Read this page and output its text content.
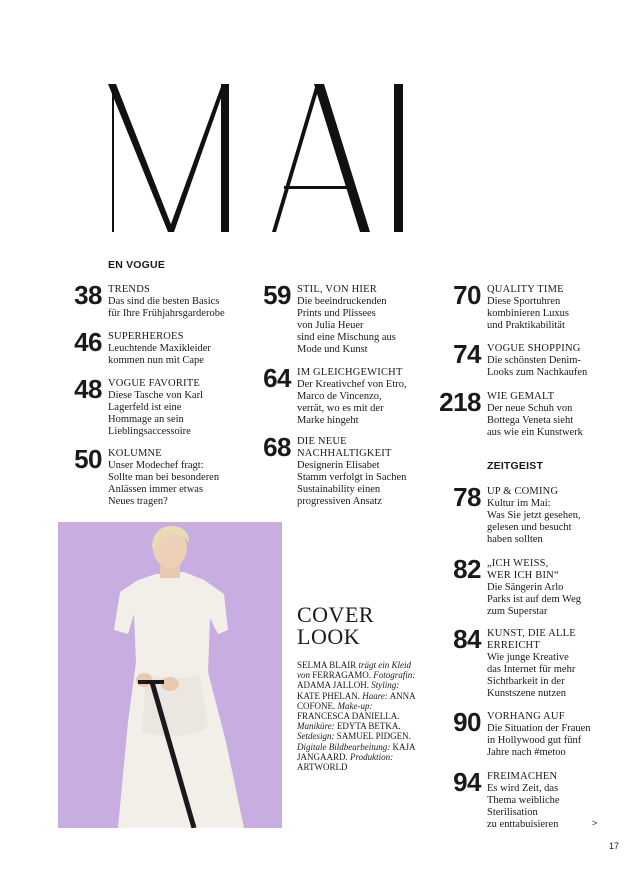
EN VOGUE
ZEITGEIST
38 TRENDS
Das sind die besten Basics
für Ihre Frühjahrsgarderobe
46 SUPERHEROES
Leuchtende Maxikleider
kommen nun mit Cape
48 VOGUE FAVORITE
Diese Tasche von Karl
Lagerfeld ist eine
Hommage an sein
Lieblingsaccessoire
50 KOLUMNE
Unser Modechef fragt:
Sollte man bei besonderen
Anlässen immer etwas
Neues tragen?
59 STIL, VON HIER
Die beeindruckenden
Prints und Plissees
von Julia Heuer
sind eine Mischung aus
Mode und Kunst
64 IM GLEICHGEWICHT
Der Kreativchef von Etro,
Marco de Vincenzo,
verrät, wo es mit der
Marke hingeht
68 DIE NEUE
NACHHALTIGKEIT
Designerin Elisabet
Stamm verfolgt in Sachen
Sustainability einen
progressiven Ansatz
70 QUALITY TIME
Diese Sportuhren
kombinieren Luxus
und Praktikabilität
74 VOGUE SHOPPING
Die schönsten Denim-
Looks zum Nachkaufen
218 WIE GEMALT
Der neue Schuh von
Bottega Veneta sieht
aus wie ein Kunstwerk
78 UP & COMING
Kultur im Mai:
Was Sie jetzt gesehen,
gelesen und besucht
haben sollten
82 „ICH WEISS,
WER ICH BIN“
Die Sängerin Arlo
Parks ist auf dem Weg
zum Superstar
84 KUNST, DIE ALLE
ERREICHT
Wie junge Kreative
das Internet für mehr
Sichtbarkeit in der
Kunstszene nutzen
90 VORHANG AUF
Die Situation der Frauen
in Hollywood gut fünf
Jahre nach #metoo
94 FREIMACHEN
Es wird Zeit, das
Thema weibliche
Sterilisation
zu enttabuisieren
COVER
LOOK
SELMA BLAIR trägt ein Kleid von FERRAGAMO. Fotografin: ADAMA JALLOH. Styling: KATE PHELAN. Haare: ANNA COFONE. Make-up: FRANCESCA DANIELLA. Maniküre: EDYTA BETKA. Setdesign: SAMUEL PIDGEN. Digitale Bildbearbeitung: KAJA JANGAARD. Produktion: ARTWORLD
>
17
